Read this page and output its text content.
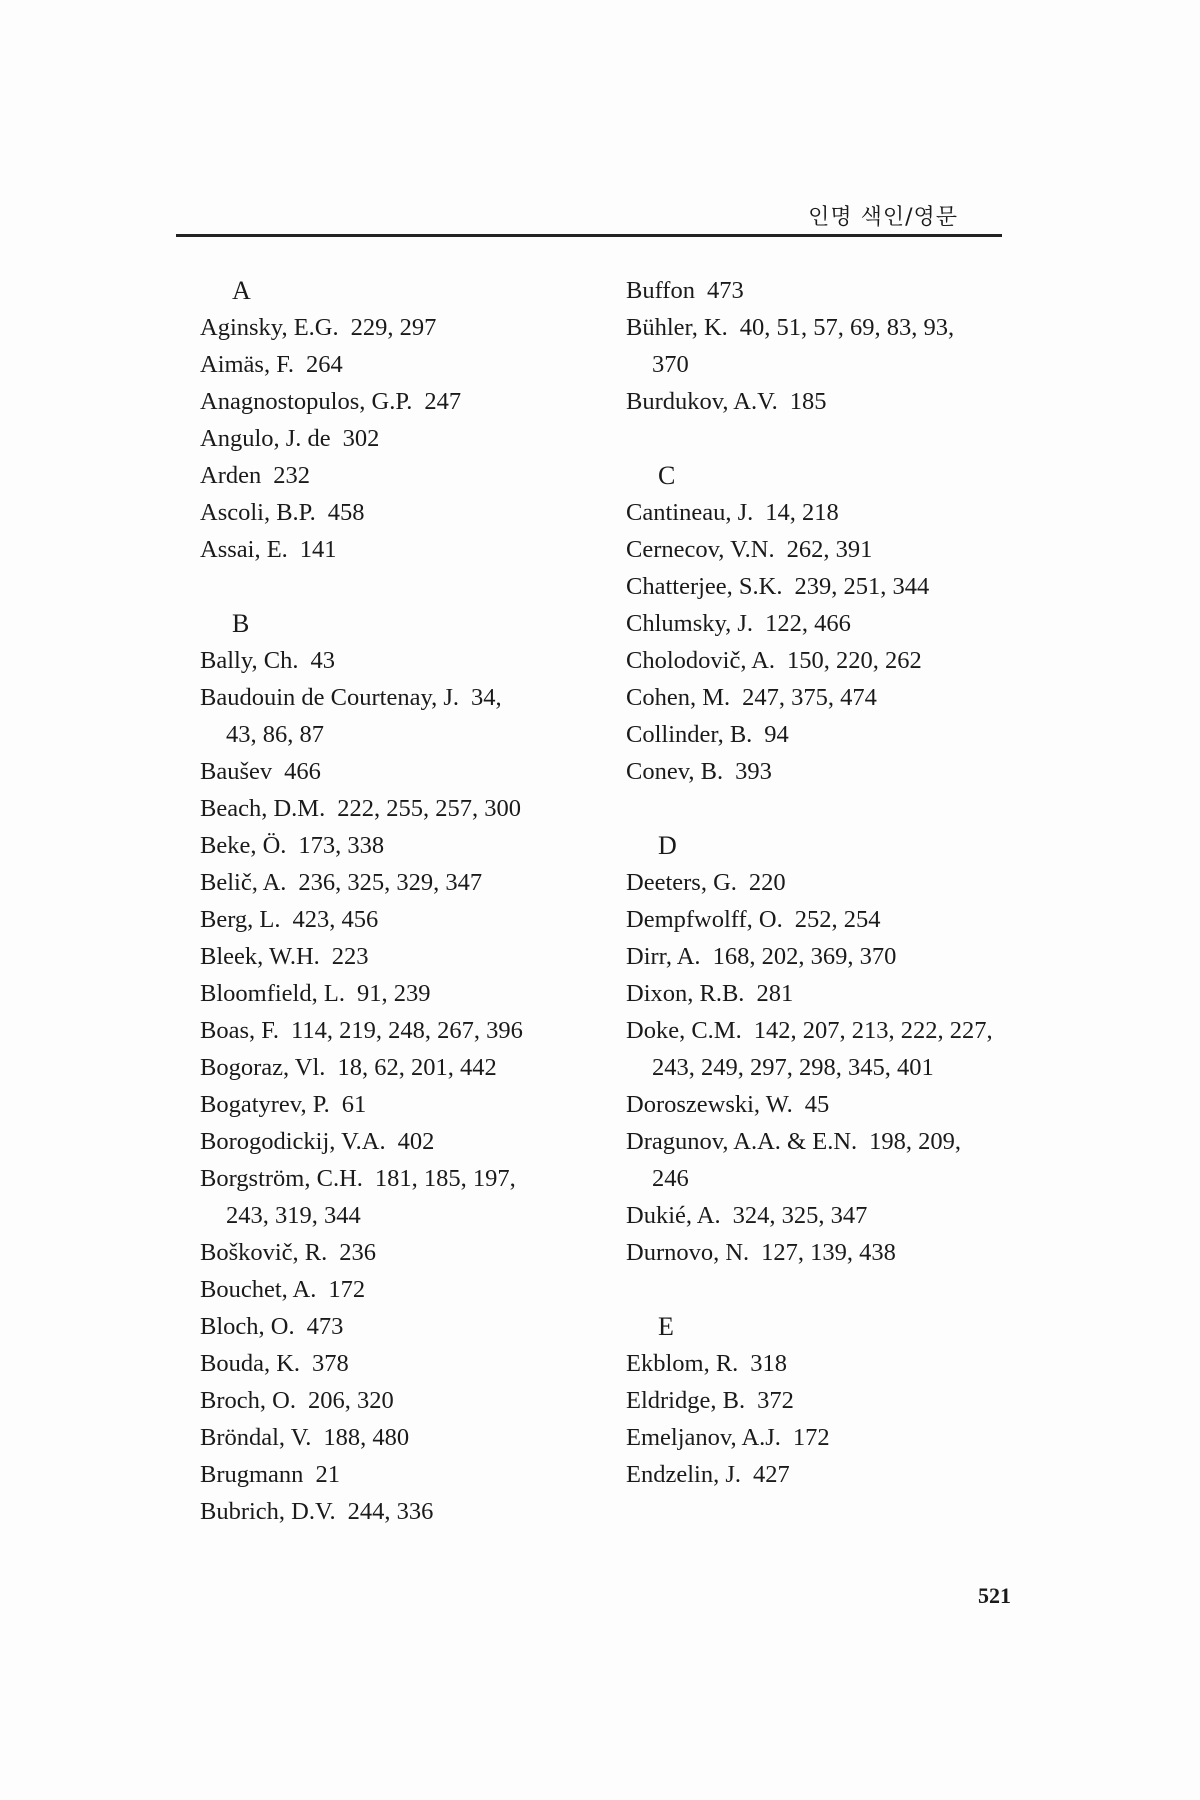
인명 색인/영문
A
Aginsky, E.G. 229, 297
Aimäs, F. 264
Anagnostopulos, G.P. 247
Angulo, J. de 302
Arden 232
Ascoli, B.P. 458
Assai, E. 141
B
Bally, Ch. 43
Baudouin de Courtenay, J. 34,
43, 86, 87
Baušev 466
Beach, D.M. 222, 255, 257, 300
Beke, Ö. 173, 338
Belič, A. 236, 325, 329, 347
Berg, L. 423, 456
Bleek, W.H. 223
Bloomfield, L. 91, 239
Boas, F. 114, 219, 248, 267, 396
Bogoraz, Vl. 18, 62, 201, 442
Bogatyrev, P. 61
Borogodickij, V.A. 402
Borgström, C.H. 181, 185, 197,
243, 319, 344
Boškovič, R. 236
Bouchet, A. 172
Bloch, O. 473
Bouda, K. 378
Broch, O. 206, 320
Bröndal, V. 188, 480
Brugmann 21
Bubrich, D.V. 244, 336
Buffon 473
Bühler, K. 40, 51, 57, 69, 83, 93,
370
Burdukov, A.V. 185
C
Cantineau, J. 14, 218
Cernecov, V.N. 262, 391
Chatterjee, S.K. 239, 251, 344
Chlumsky, J. 122, 466
Cholodovič, A. 150, 220, 262
Cohen, M. 247, 375, 474
Collinder, B. 94
Conev, B. 393
D
Deeters, G. 220
Dempfwolff, O. 252, 254
Dirr, A. 168, 202, 369, 370
Dixon, R.B. 281
Doke, C.M. 142, 207, 213, 222, 227,
243, 249, 297, 298, 345, 401
Doroszewski, W. 45
Dragunov, A.A. & E.N. 198, 209,
246
Dukié, A. 324, 325, 347
Durnovo, N. 127, 139, 438
E
Ekblom, R. 318
Eldridge, B. 372
Emeljanov, A.J. 172
Endzelin, J. 427
521
